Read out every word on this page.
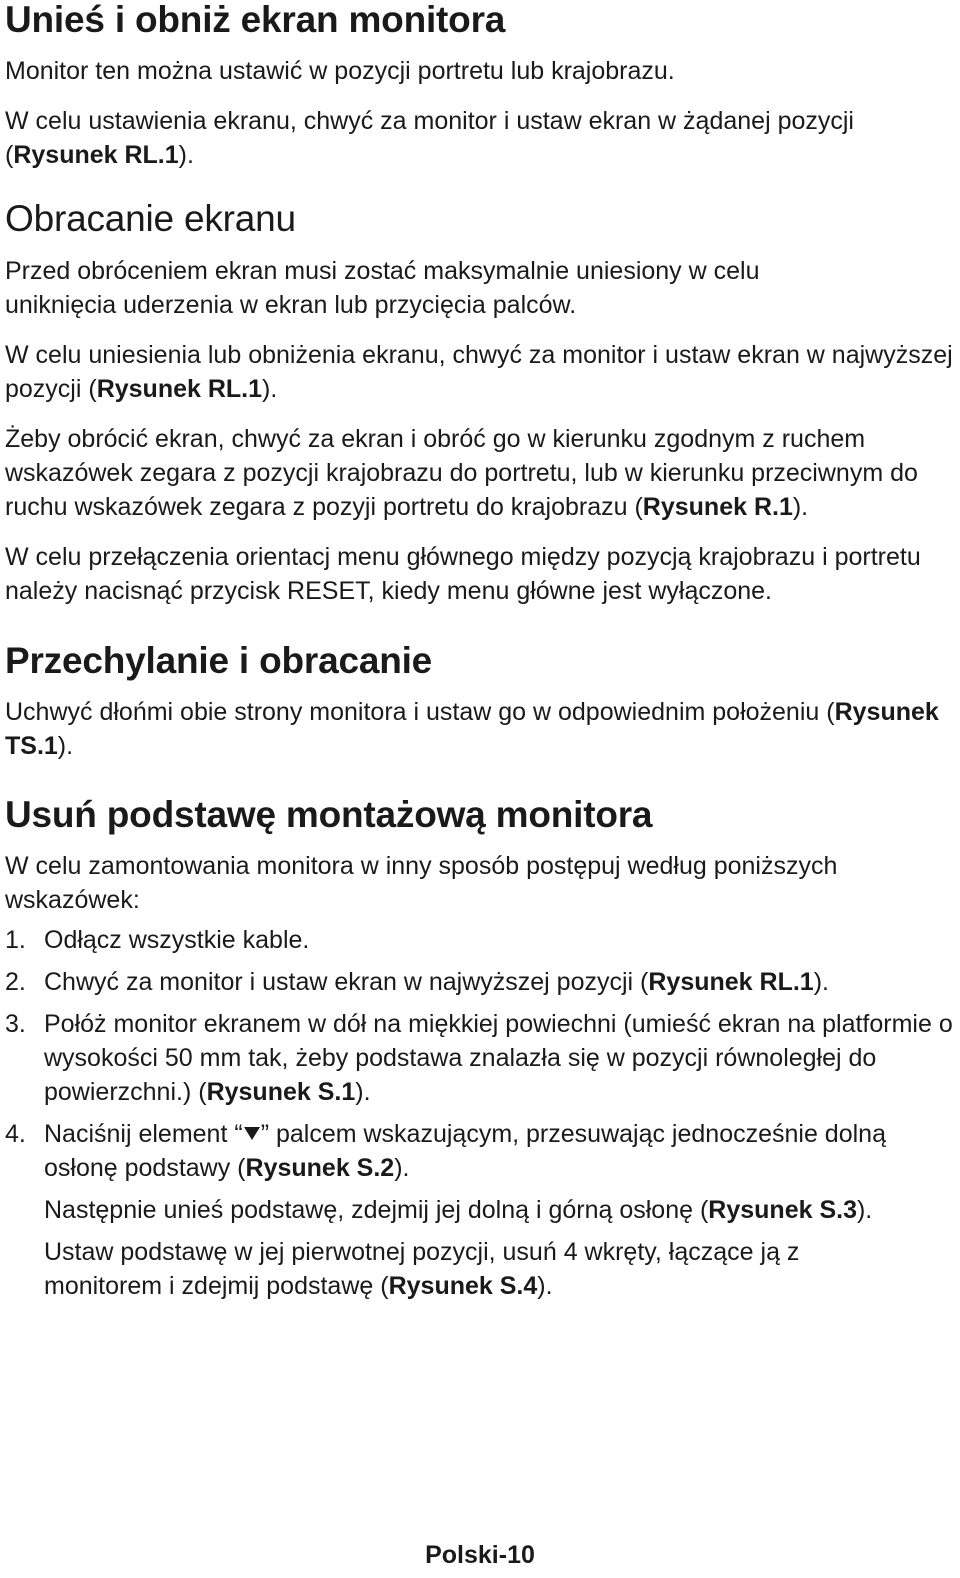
Unieś i obniż ekran monitora

Monitor ten można ustawić w pozycji portretu lub krajobrazu.

W celu ustawienia ekranu, chwyć za monitor i ustaw ekran w żądanej pozycji (Rysunek RL.1).

Obracanie ekranu

Przed obróceniem ekran musi zostać maksymalnie uniesiony w celu uniknięcia uderzenia w ekran lub przycięcia palców.

W celu uniesienia lub obniżenia ekranu, chwyć za monitor i ustaw ekran w najwyższej pozycji (Rysunek RL.1).

Żeby obrócić ekran, chwyć za ekran i obróć go w kierunku zgodnym z ruchem wskazówek zegara z pozycji krajobrazu do portretu, lub w kierunku przeciwnym do ruchu wskazówek zegara z pozyji portretu do krajobrazu (Rysunek R.1).

W celu przełączenia orientacj menu głównego między pozycją krajobrazu i portretu należy nacisnąć przycisk RESET, kiedy menu główne jest wyłączone.

Przechylanie i obracanie

Uchwyć dłońmi obie strony monitora i ustaw go w odpowiednim położeniu (Rysunek TS.1).

Usuń podstawę montażową monitora

W celu zamontowania monitora w inny sposób postępuj według poniższych wskazówek:

1. Odłącz wszystkie kable.
2. Chwyć za monitor i ustaw ekran w najwyższej pozycji (Rysunek RL.1).
3. Połóż monitor ekranem w dół na miękkiej powiechni (umieść ekran na platformie o wysokości 50 mm tak, żeby podstawa znalazła się w pozycji równoległej do powierzchni.) (Rysunek S.1).
4. Naciśnij element “ ” palcem wskazującym, przesuwając jednocześnie dolną osłonę podstawy (Rysunek S.2).

Następnie unieś podstawę, zdejmij jej dolną i górną osłonę (Rysunek S.3).

Ustaw podstawę w jej pierwotnej pozycji, usuń 4 wkręty, łączące ją z monitorem i zdejmij podstawę (Rysunek S.4).

Polski-10
